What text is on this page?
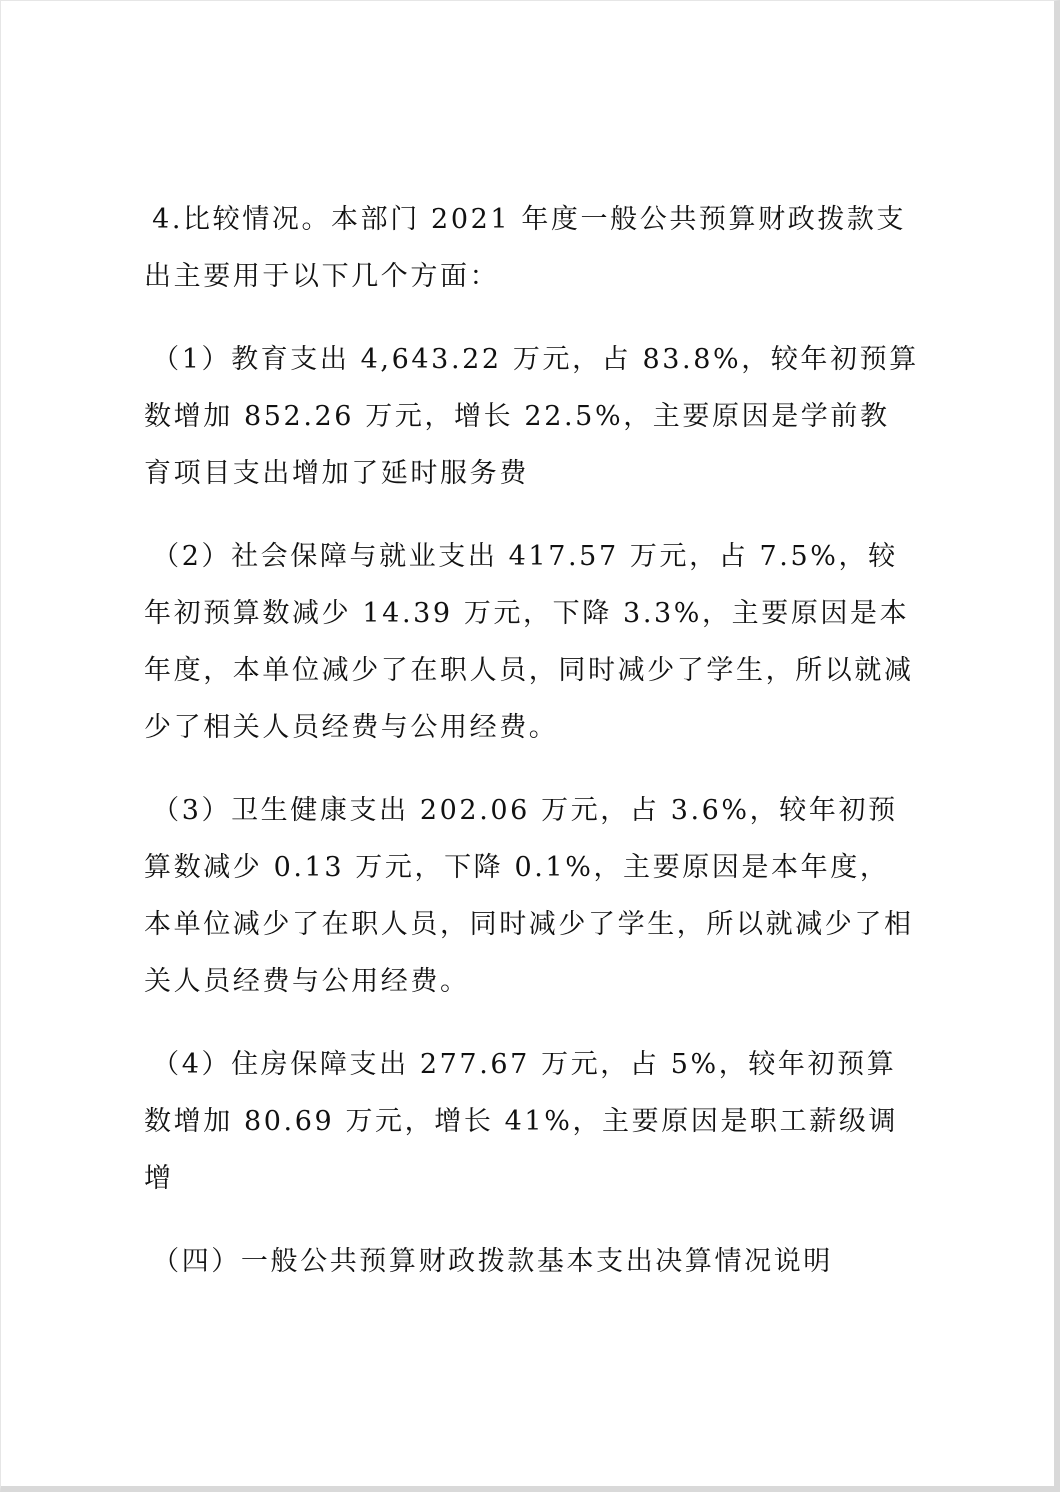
4.比较情况。本部门 2021 年度一般公共预算财政拨款支出主要用于以下几个方面：

（1）教育支出 4,643.22 万元，占 83.8%，较年初预算数增加 852.26 万元，增长 22.5%，主要原因是学前教育项目支出增加了延时服务费

（2）社会保障与就业支出 417.57 万元，占 7.5%，较年初预算数减少 14.39 万元，下降 3.3%，主要原因是本年度，本单位减少了在职人员，同时减少了学生，所以就减少了相关人员经费与公用经费。

（3）卫生健康支出 202.06 万元，占 3.6%，较年初预算数减少 0.13 万元，下降 0.1%，主要原因是本年度，本单位减少了在职人员，同时减少了学生，所以就减少了相关人员经费与公用经费。

（4）住房保障支出 277.67 万元，占 5%，较年初预算数增加 80.69 万元，增长 41%，主要原因是职工薪级调增

（四）一般公共预算财政拨款基本支出决算情况说明
